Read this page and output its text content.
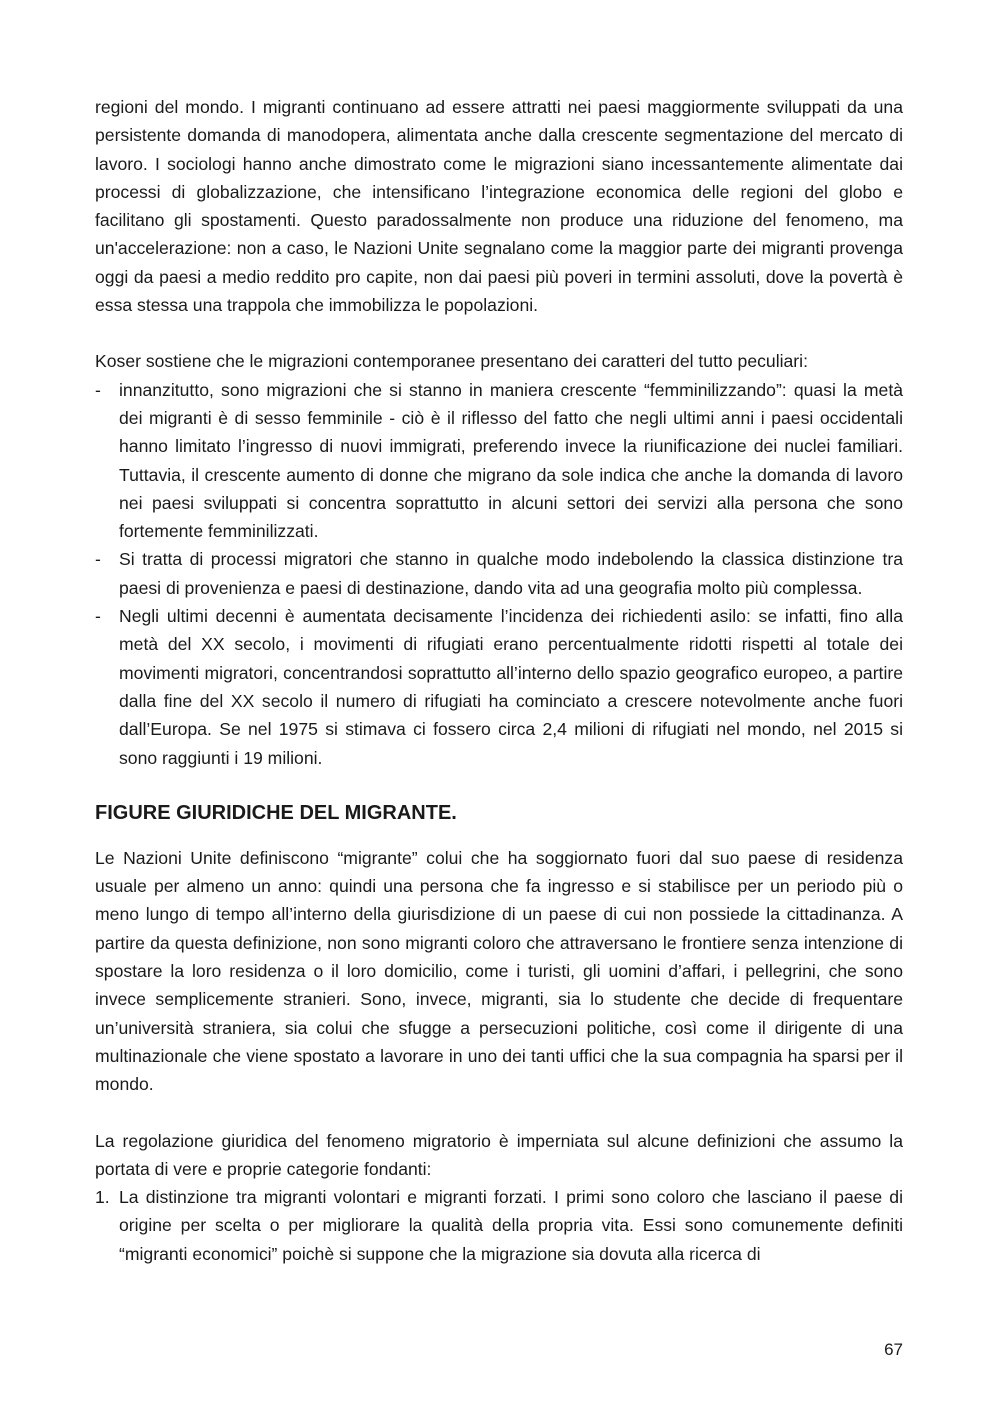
regioni del mondo. I migranti continuano ad essere attratti nei paesi maggiormente sviluppati da una persistente domanda di manodopera, alimentata anche dalla crescente segmentazione del mercato di lavoro. I sociologi hanno anche dimostrato come le migrazioni siano incessantemente alimentate dai processi di globalizzazione, che intensificano l’integrazione economica delle regioni del globo e facilitano gli spostamenti. Questo paradossalmente non produce una riduzione del fenomeno, ma un'accelerazione: non a caso, le Nazioni Unite segnalano come la maggior parte dei migranti provenga oggi da paesi a medio reddito pro capite, non dai paesi più poveri in termini assoluti, dove la povertà è essa stessa una trappola che immobilizza le popolazioni.

Koser sostiene che le migrazioni contemporanee presentano dei caratteri del tutto peculiari:

- innanzitutto, sono migrazioni che si stanno in maniera crescente “femminilizzando”: quasi la metà dei migranti è di sesso femminile - ciò è il riflesso del fatto che negli ultimi anni i paesi occidentali hanno limitato l’ingresso di nuovi immigrati, preferendo invece la riunificazione dei nuclei familiari. Tuttavia, il crescente aumento di donne che migrano da sole indica che anche la domanda di lavoro nei paesi sviluppati si concentra soprattutto in alcuni settori dei servizi alla persona che sono fortemente femminilizzati.
- Si tratta di processi migratori che stanno in qualche modo indebolendo la classica distinzione tra paesi di provenienza e paesi di destinazione, dando vita ad una geografia molto più complessa.
- Negli ultimi decenni è aumentata decisamente l’incidenza dei richiedenti asilo: se infatti, fino alla metà del XX secolo, i movimenti di rifugiati erano percentualmente ridotti rispetti al totale dei movimenti migratori, concentrandosi soprattutto all’interno dello spazio geografico europeo, a partire dalla fine del XX secolo il numero di rifugiati ha cominciato a crescere notevolmente anche fuori dall’Europa. Se nel 1975 si stimava ci fossero circa 2,4 milioni di rifugiati nel mondo, nel 2015 si sono raggiunti i 19 milioni.
FIGURE GIURIDICHE DEL MIGRANTE.

Le Nazioni Unite definiscono “migrante” colui che ha soggiornato fuori dal suo paese di residenza usuale per almeno un anno: quindi una persona che fa ingresso e si stabilisce per un periodo più o meno lungo di tempo all’interno della giurisdizione di un paese di cui non possiede la cittadinanza. A partire da questa definizione, non sono migranti coloro che attraversano le frontiere senza intenzione di spostare la loro residenza o il loro domicilio, come i turisti, gli uomini d’affari, i pellegrini, che sono invece semplicemente stranieri. Sono, invece, migranti, sia lo studente che decide di frequentare un’università straniera, sia colui che sfugge a persecuzioni politiche, così come il dirigente di una multinazionale che viene spostato a lavorare in uno dei tanti uffici che la sua compagnia ha sparsi per il mondo.

La regolazione giuridica del fenomeno migratorio è imperniata sul alcune definizioni che assumo la portata di vere e proprie categorie fondanti:

1. La distinzione tra migranti volontari e migranti forzati. I primi sono coloro che lasciano il paese di origine per scelta o per migliorare la qualità della propria vita. Essi sono comunemente definiti “migranti economici” poichè si suppone che la migrazione sia dovuta alla ricerca di
67
